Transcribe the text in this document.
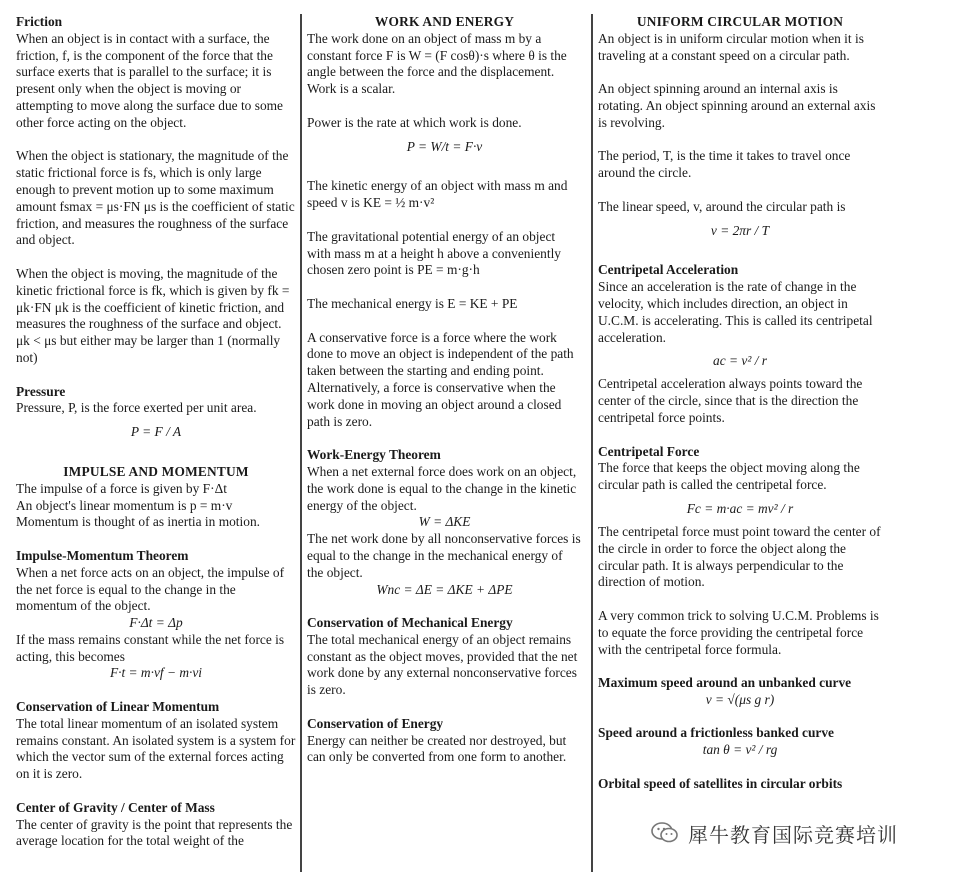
Friction

When an object is in contact with a surface, the friction, f, is the component of the force that the surface exerts that is parallel to the surface; it is present only when the object is moving or attempting to move along the surface due to some other force acting on the object.

When the object is stationary, the magnitude of the static frictional force is fs, which is only large enough to prevent motion up to some maximum amount fsmax = μs·FN μs is the coefficient of static friction, and measures the roughness of the surface and object.

When the object is moving, the magnitude of the kinetic frictional force is fk, which is given by fk = μk·FN μk is the coefficient of kinetic friction, and measures the roughness of the surface and object. μk < μs but either may be larger than 1 (normally not)

Pressure

Pressure, P, is the force exerted per unit area.

P = F / A

IMPULSE AND MOMENTUM

The impulse of a force is given by F·Δt

An object's linear momentum is p = m·v

Momentum is thought of as inertia in motion.

Impulse-Momentum Theorem

When a net force acts on an object, the impulse of the net force is equal to the change in the momentum of the object.

F·Δt = Δp

If the mass remains constant while the net force is acting, this becomes

F·t = m·vf − m·vi

Conservation of Linear Momentum

The total linear momentum of an isolated system remains constant. An isolated system is a system for which the vector sum of the external forces acting on it is zero.

Center of Gravity / Center of Mass

The center of gravity is the point that represents the average location for the total weight of the

WORK AND ENERGY

The work done on an object of mass m by a constant force F is W = (F cosθ)·s where θ is the angle between the force and the displacement. Work is a scalar.

Power is the rate at which work is done.

P = W/t = F·v

The kinetic energy of an object with mass m and speed v is KE = ½ m·v²

The gravitational potential energy of an object with mass m at a height h above a conveniently chosen zero point is PE = m·g·h

The mechanical energy is E = KE + PE

A conservative force is a force where the work done to move an object is independent of the path taken between the starting and ending point. Alternatively, a force is conservative when the work done in moving an object around a closed path is zero.

Work-Energy Theorem

When a net external force does work on an object, the work done is equal to the change in the kinetic energy of the object.

W = ΔKE

The net work done by all nonconservative forces is equal to the change in the mechanical energy of the object.

Wnc = ΔE = ΔKE + ΔPE

Conservation of Mechanical Energy

The total mechanical energy of an object remains constant as the object moves, provided that the net work done by any external nonconservative forces is zero.

Conservation of Energy

Energy can neither be created nor destroyed, but can only be converted from one form to another.

UNIFORM CIRCULAR MOTION

An object is in uniform circular motion when it is traveling at a constant speed on a circular path.

An object spinning around an internal axis is rotating. An object spinning around an external axis is revolving.

The period, T, is the time it takes to travel once around the circle.

The linear speed, v, around the circular path is

v = 2πr / T

Centripetal Acceleration

Since an acceleration is the rate of change in the velocity, which includes direction, an object in U.C.M. is accelerating. This is called its centripetal acceleration.

ac = v² / r

Centripetal acceleration always points toward the center of the circle, since that is the direction the centripetal force points.

Centripetal Force

The force that keeps the object moving along the circular path is called the centripetal force.

Fc = m·ac = mv² / r

The centripetal force must point toward the center of the circle in order to force the object along the circular path. It is always perpendicular to the direction of motion.

A very common trick to solving U.C.M. Problems is to equate the force providing the centripetal force with the centripetal force formula.

Maximum speed around an unbanked curve

v = √(μs g r)

Speed around a frictionless banked curve

tan θ = v² / rg

Orbital speed of satellites in circular orbits

犀牛教育国际竞赛培训
